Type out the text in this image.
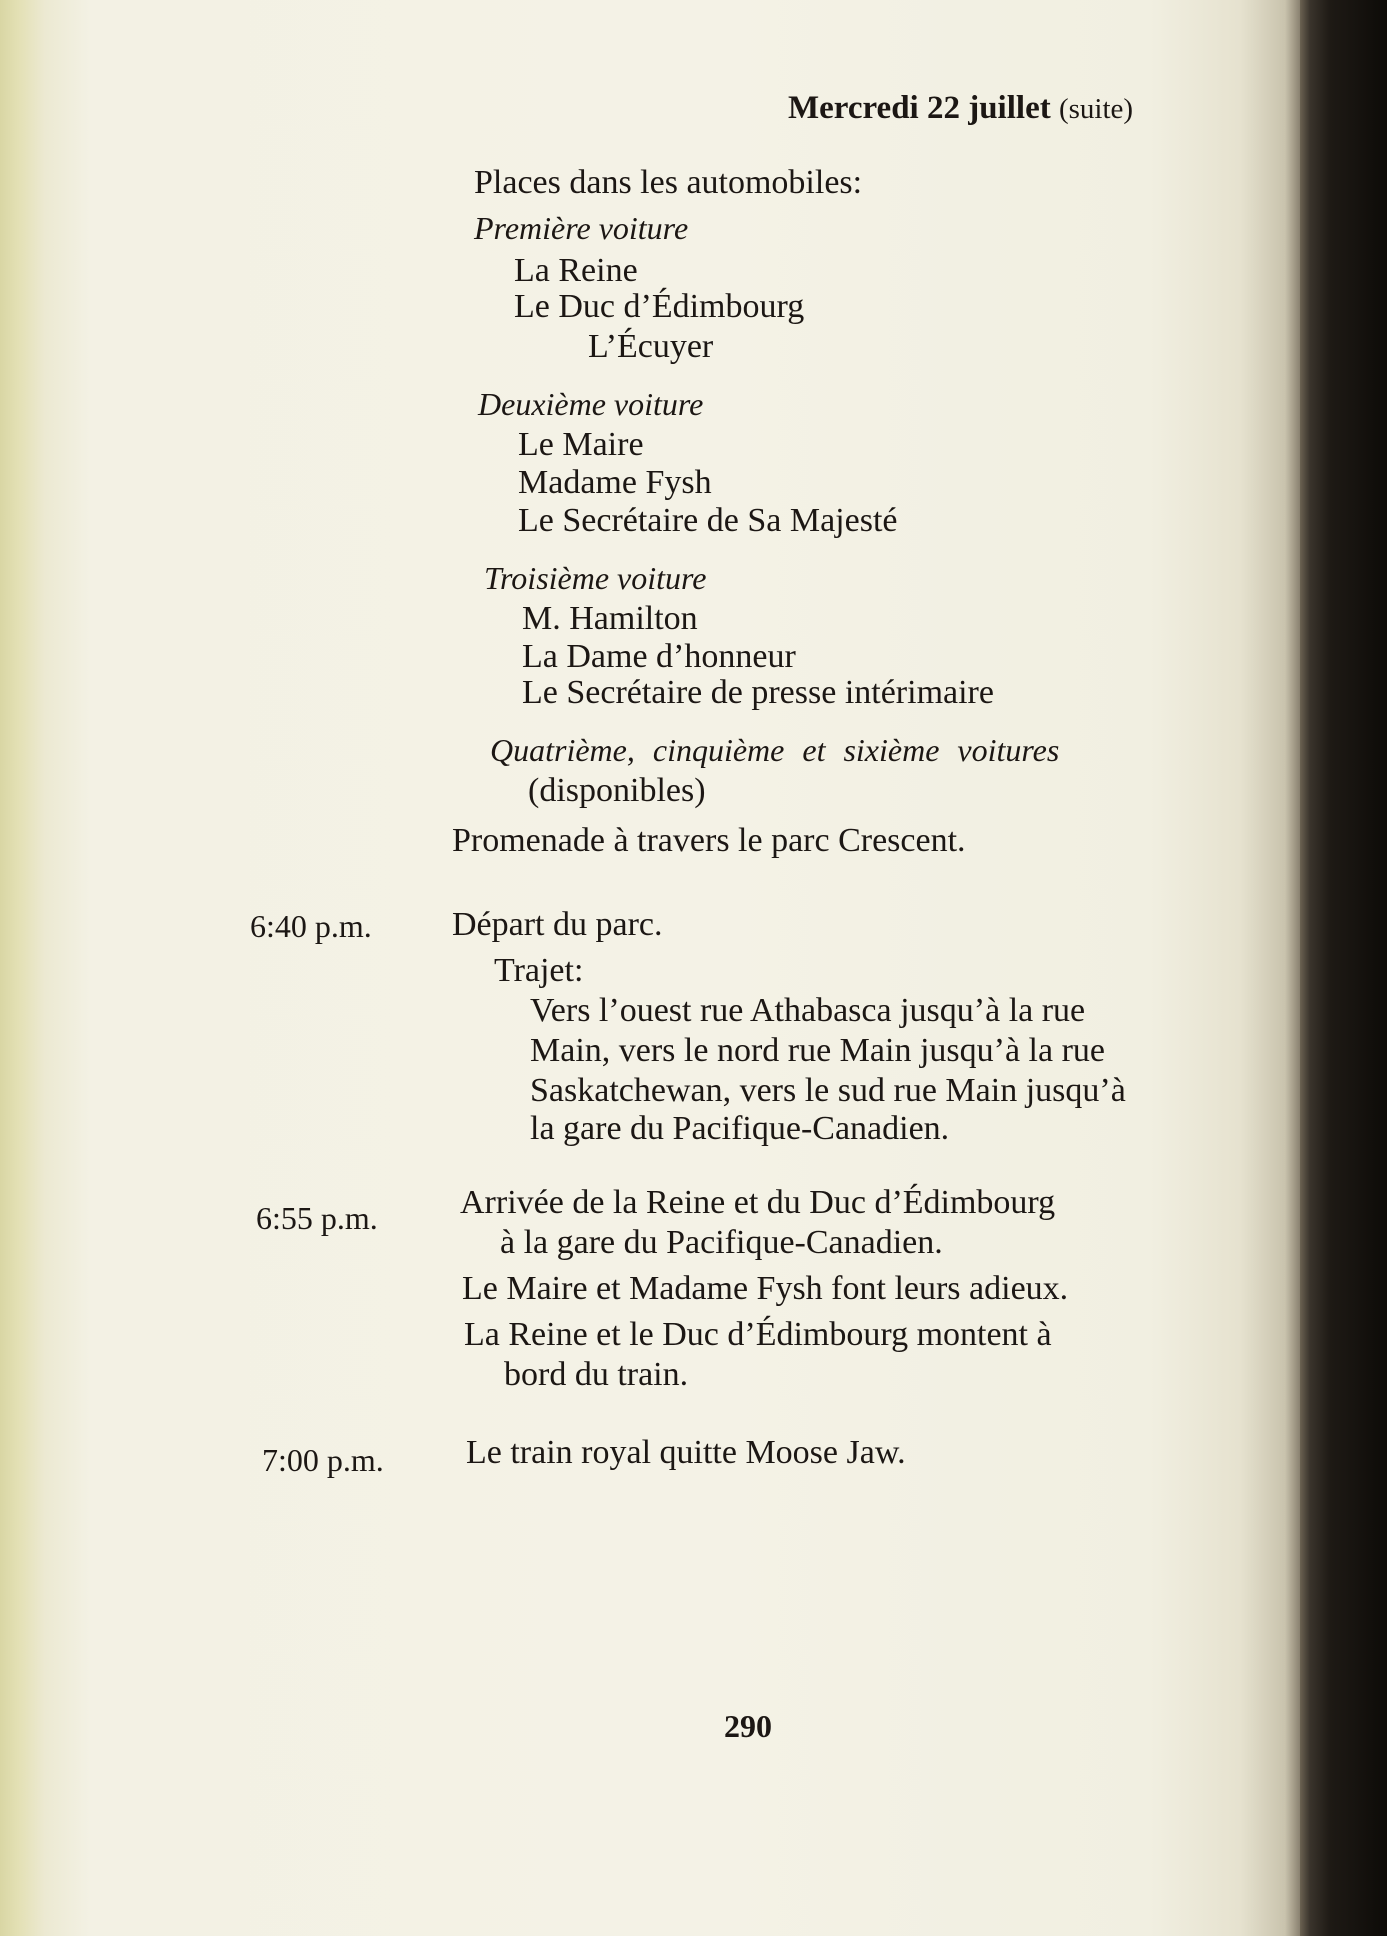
Mercredi 22 juillet (suite)
Places dans les automobiles:
Première voiture
La Reine
Le Duc d’Édimbourg
L’Écuyer
Deuxième voiture
Le Maire
Madame Fysh
Le Secrétaire de Sa Majesté
Troisième voiture
M. Hamilton
La Dame d’honneur
Le Secrétaire de presse intérimaire
Quatrième, cinquième et sixième voitures
(disponibles)
Promenade à travers le parc Crescent.
6:40 p.m. Départ du parc.
Trajet:
Vers l’ouest rue Athabasca jusqu’à la rue
Main, vers le nord rue Main jusqu’à la rue
Saskatchewan, vers le sud rue Main jusqu’à
la gare du Pacifique-Canadien.
6:55 p.m. Arrivée de la Reine et du Duc d’Édimbourg
à la gare du Pacifique-Canadien.
Le Maire et Madame Fysh font leurs adieux.
La Reine et le Duc d’Édimbourg montent à
bord du train.
7:00 p.m. Le train royal quitte Moose Jaw.
290
